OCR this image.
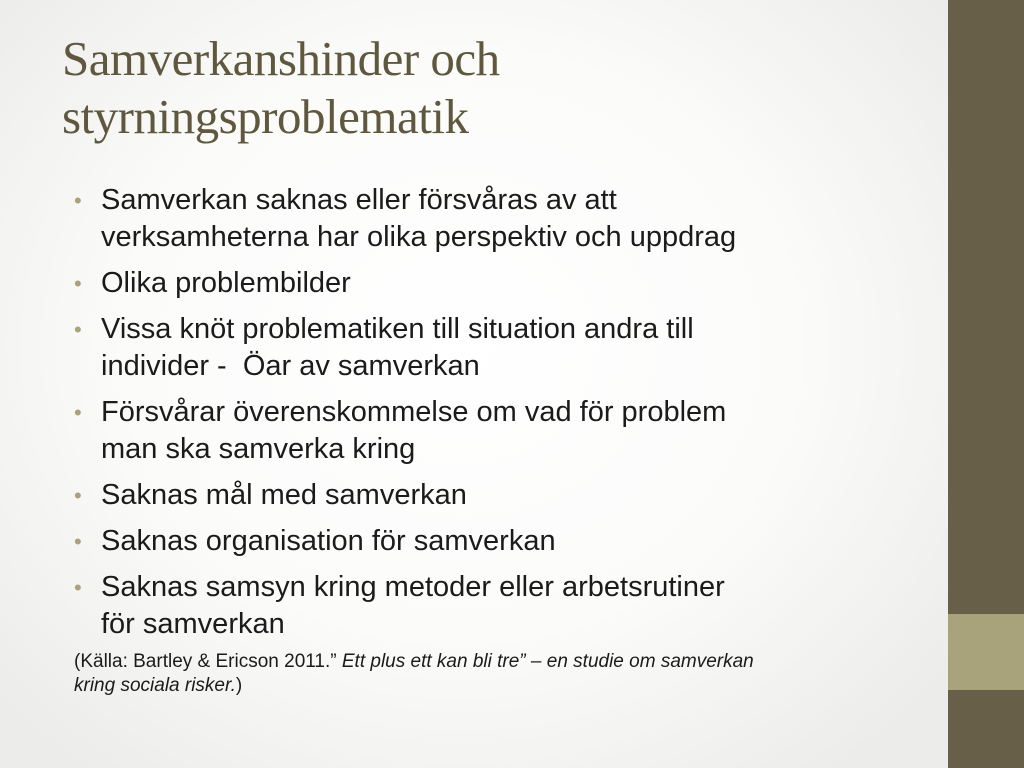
Samverkanshinder och
styrningsproblematik
• Samverkan saknas eller försvåras av att
verksamheterna har olika perspektiv och uppdrag
• Olika problembilder
• Vissa knöt problematiken till situation andra till
individer -  Öar av samverkan
• Försvårar överenskommelse om vad för problem
man ska samverka kring
• Saknas mål med samverkan
• Saknas organisation för samverkan
• Saknas samsyn kring metoder eller arbetsrutiner
för samverkan

(Källa: Bartley & Ericson 2011.” Ett plus ett kan bli tre” – en studie om samverkan
kring sociala risker.)
